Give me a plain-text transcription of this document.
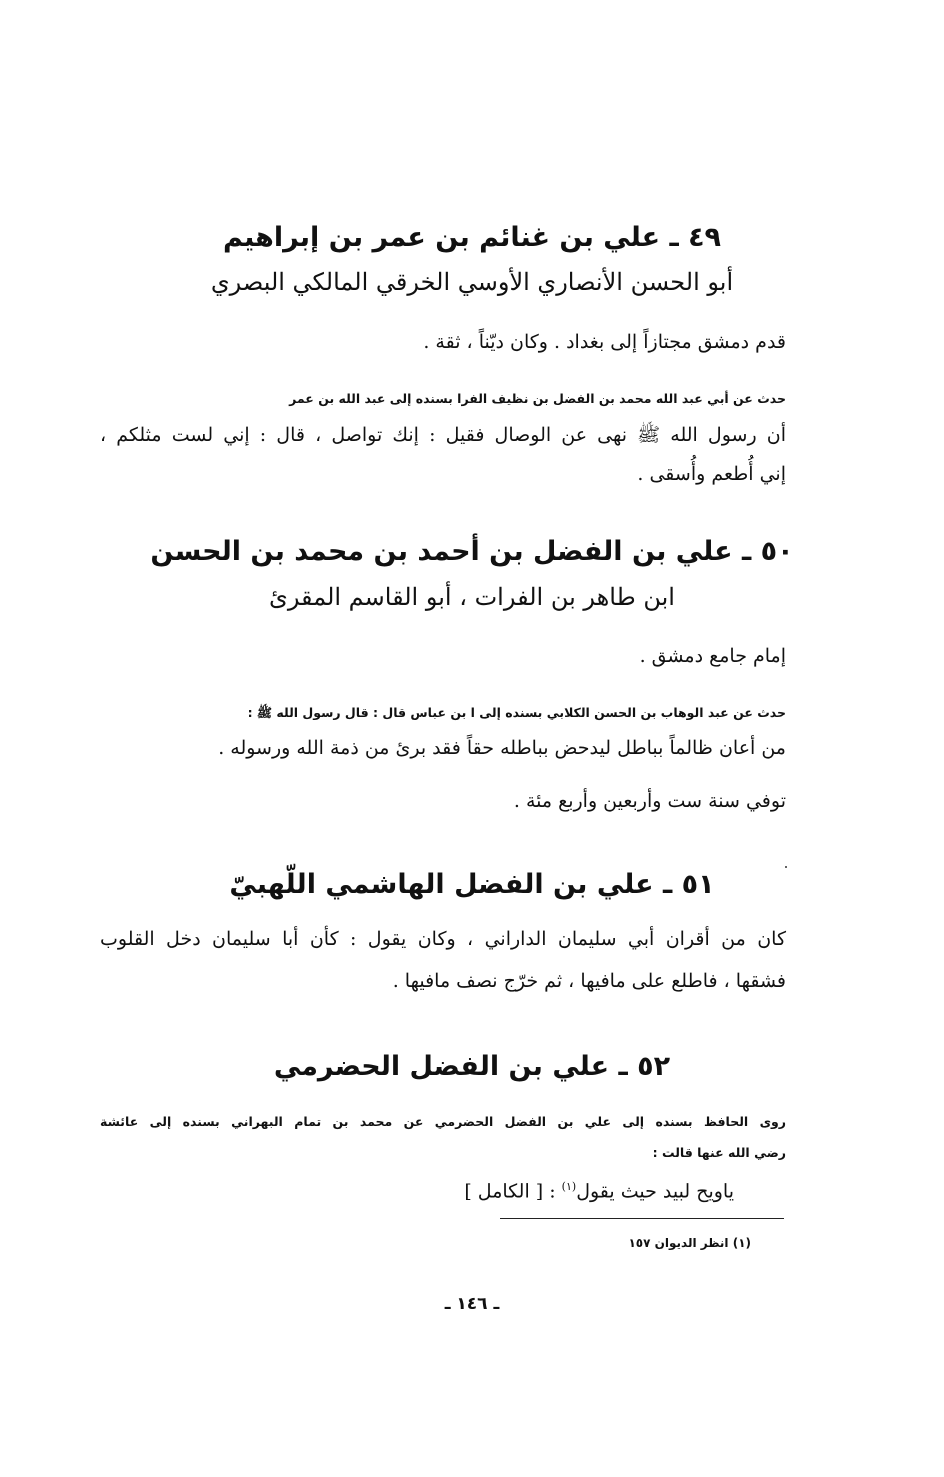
٤٩ ـ علي بن غنائم بن عمر بن إبراهيم
أبو الحسن الأنصاري الأوسي الخرقي المالكي البصري
قدم دمشق مجتازاً إلى بغداد . وكان ديّناً ، ثقة .
حدث عن أبي عبد الله محمد بن الفضل بن نظيف الفرا بسنده إلى عبد الله بن عمر
أن رسول الله ﷺ نهى عن الوصال فقيل : إنك تواصل ، قال : إني لست مثلكم ،
إني أُطعم وأُسقى .
٥٠ ـ علي بن الفضل بن أحمد بن محمد بن الحسن
ابن طاهر بن الفرات ، أبو القاسم المقرئ
إمام جامع دمشق .
حدث عن عبد الوهاب بن الحسن الكلابي بسنده إلى ا بن عباس قال : قال رسول الله ﷺ :
من أعان ظالماً بباطل ليدحض بباطله حقاً فقد برئ من ذمة الله ورسوله .
توفي سنة ست وأربعين وأربع مئة .
٥١ ـ علي بن الفضل الهاشمي اللّهبيّ
كان من أقران أبي سليمان الداراني ، وكان يقول : كأن أبا سليمان دخل القلوب
فشقها ، فاطلع على مافيها ، ثم خرّج نصف مافيها .
٥٢ ـ علي بن الفضل الحضرمي
روى الحافظ بسنده إلى علي بن الفضل الحضرمي عن محمد بن تمام البهراني بسنده إلى عائشة
رضي الله عنها قالت :
ياويح لبيد حيث يقول$^{(١)}$ : [ الكامل ]
(١) انظر الديوان ١٥٧
ـ ١٤٦ ـ
